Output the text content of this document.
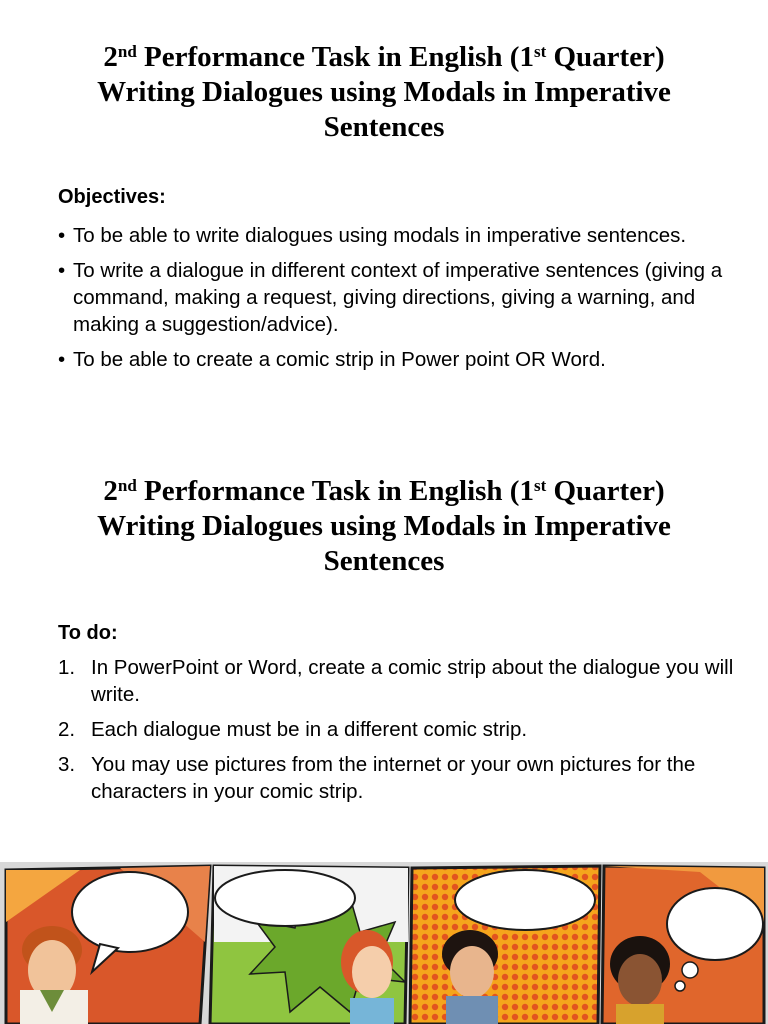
2nd Performance Task in English (1st Quarter)
Writing Dialogues using Modals in Imperative
Sentences

Objectives:

• To be able to write dialogues using modals in imperative sentences.
• To write a dialogue in different context of imperative sentences (giving a command, making a request, giving directions, giving a warning, and making a suggestion/advice).
• To be able to create a comic strip in Power point OR Word.
2nd Performance Task in English (1st Quarter)
Writing Dialogues using Modals in Imperative
Sentences

To do:

1. In PowerPoint or Word, create a comic strip about the dialogue you will write.
2. Each dialogue must be in a different comic strip.
3. You may use pictures from the internet or your own pictures for the characters in your comic strip.
